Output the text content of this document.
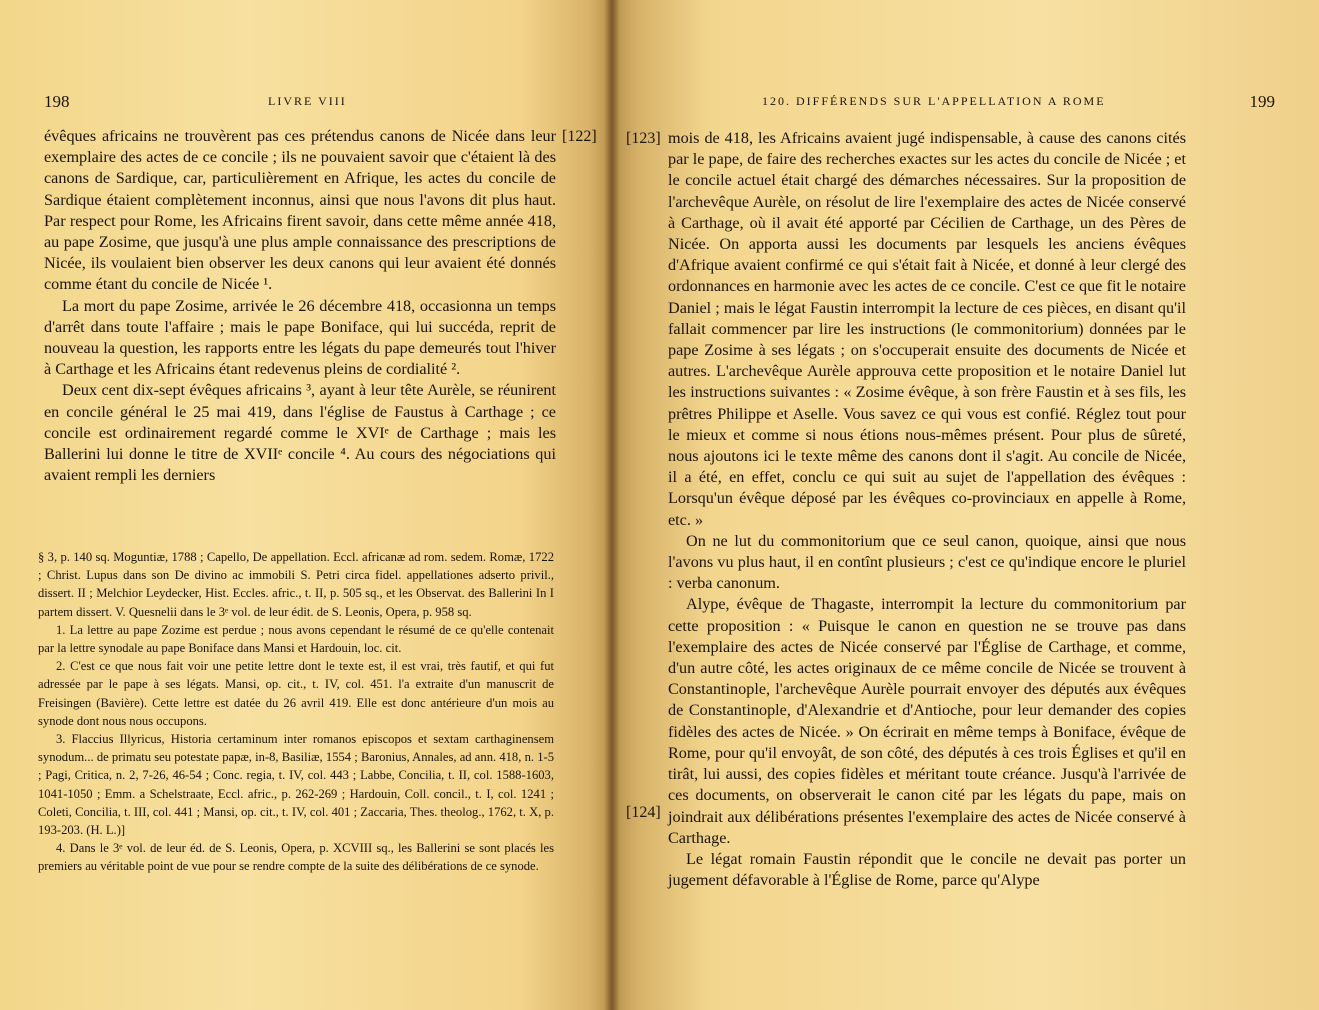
198	LIVRE VIII
[122]

évêques africains ne trouvèrent pas ces prétendus canons de Nicée dans leur exemplaire des actes de ce concile ; ils ne pouvaient savoir que c'étaient là des canons de Sardique, car, particulièrement en Afrique, les actes du concile de Sardique étaient complètement inconnus, ainsi que nous l'avons dit plus haut. Par respect pour Rome, les Africains firent savoir, dans cette même année 418, au pape Zosime, que jusqu'à une plus ample connaissance des prescriptions de Nicée, ils voulaient bien observer les deux canons qui leur avaient été donnés comme étant du concile de Nicée ¹.

La mort du pape Zosime, arrivée le 26 décembre 418, occasionna un temps d'arrêt dans toute l'affaire ; mais le pape Boniface, qui lui succéda, reprit de nouveau la question, les rapports entre les légats du pape demeurés tout l'hiver à Carthage et les Africains étant redevenus pleins de cordialité ².

Deux cent dix-sept évêques africains ³, ayant à leur tête Aurèle, se réunirent en concile général le 25 mai 419, dans l'église de Faustus à Carthage ; ce concile est ordinairement regardé comme le XVIᵉ de Carthage ; mais les Ballerini lui donne le titre de XVIIᵉ concile ⁴. Au cours des négociations qui avaient rempli les derniers

§ 3, p. 140 sq. Moguntiæ, 1788 ; Capello, De appellation. Eccl. africanæ ad rom. sedem. Romæ, 1722 ; Christ. Lupus dans son De divino ac immobili S. Petri circa fidel. appellationes adserto privil., dissert. II ; Melchior Leydecker, Hist. Eccles. afric., t. II, p. 505 sq., et les Observat. des Ballerini In I partem dissert. V. Quesnelii dans le 3ᵉ vol. de leur édit. de S. Leonis, Opera, p. 958 sq.

1. La lettre au pape Zozime est perdue ; nous avons cependant le résumé de ce qu'elle contenait par la lettre synodale au pape Boniface dans Mansi et Hardouin, loc. cit.

2. C'est ce que nous fait voir une petite lettre dont le texte est, il est vrai, très fautif, et qui fut adressée par le pape à ses légats. Mansi, op. cit., t. IV, col. 451. l'a extraite d'un manuscrit de Freisingen (Bavière). Cette lettre est datée du 26 avril 419. Elle est donc antérieure d'un mois au synode dont nous nous occupons.

3. Flaccius Illyricus, Historia certaminum inter romanos episcopos et sextam carthaginensem synodum... de primatu seu potestate papæ, in-8, Basiliæ, 1554 ; Baronius, Annales, ad ann. 418, n. 1-5 ; Pagi, Critica, n. 2, 7-26, 46-54 ; Conc. regia, t. IV, col. 443 ; Labbe, Concilia, t. II, col. 1588-1603, 1041-1050 ; Emm. a Schelstraate, Eccl. afric., p. 262-269 ; Hardouin, Coll. concil., t. I, col. 1241 ; Coleti, Concilia, t. III, col. 441 ; Mansi, op. cit., t. IV, col. 401 ; Zaccaria, Thes. theolog., 1762, t. X, p. 193-203. (H. L.)]

4. Dans le 3ᵉ vol. de leur éd. de S. Leonis, Opera, p. XCVIII sq., les Ballerini se sont placés les premiers au véritable point de vue pour se rendre compte de la suite des délibérations de ce synode.

199
120. DIFFÉRENDS SUR L'APPELLATION A ROME
[123]
[124]

mois de 418, les Africains avaient jugé indispensable, à cause des canons cités par le pape, de faire des recherches exactes sur les actes du concile de Nicée ; et le concile actuel était chargé des démarches nécessaires. Sur la proposition de l'archevêque Aurèle, on résolut de lire l'exemplaire des actes de Nicée conservé à Carthage, où il avait été apporté par Cécilien de Carthage, un des Pères de Nicée. On apporta aussi les documents par lesquels les anciens évêques d'Afrique avaient confirmé ce qui s'était fait à Nicée, et donné à leur clergé des ordonnances en harmonie avec les actes de ce concile. C'est ce que fit le notaire Daniel ; mais le légat Faustin interrompit la lecture de ces pièces, en disant qu'il fallait commencer par lire les instructions (le commonitorium) données par le pape Zosime à ses légats ; on s'occuperait ensuite des documents de Nicée et autres. L'archevêque Aurèle approuva cette proposition et le notaire Daniel lut les instructions suivantes : « Zosime évêque, à son frère Faustin et à ses fils, les prêtres Philippe et Aselle. Vous savez ce qui vous est confié. Réglez tout pour le mieux et comme si nous étions nous-mêmes présent. Pour plus de sûreté, nous ajoutons ici le texte même des canons dont il s'agit. Au concile de Nicée, il a été, en effet, conclu ce qui suit au sujet de l'appellation des évêques : Lorsqu'un évêque déposé par les évêques co-provinciaux en appelle à Rome, etc. »

On ne lut du commonitorium que ce seul canon, quoique, ainsi que nous l'avons vu plus haut, il en contînt plusieurs ; c'est ce qu'indique encore le pluriel : verba canonum.

Alype, évêque de Thagaste, interrompit la lecture du commonitorium par cette proposition : « Puisque le canon en question ne se trouve pas dans l'exemplaire des actes de Nicée conservé par l'Église de Carthage, et comme, d'un autre côté, les actes originaux de ce même concile de Nicée se trouvent à Constantinople, l'archevêque Aurèle pourrait envoyer des députés aux évêques de Constantinople, d'Alexandrie et d'Antioche, pour leur demander des copies fidèles des actes de Nicée. » On écrirait en même temps à Boniface, évêque de Rome, pour qu'il envoyât, de son côté, des députés à ces trois Églises et qu'il en tirât, lui aussi, des copies fidèles et méritant toute créance. Jusqu'à l'arrivée de ces documents, on observerait le canon cité par les légats du pape, mais on joindrait aux délibérations présentes l'exemplaire des actes de Nicée conservé à Carthage.

Le légat romain Faustin répondit que le concile ne devait pas porter un jugement défavorable à l'Église de Rome, parce qu'Alype
